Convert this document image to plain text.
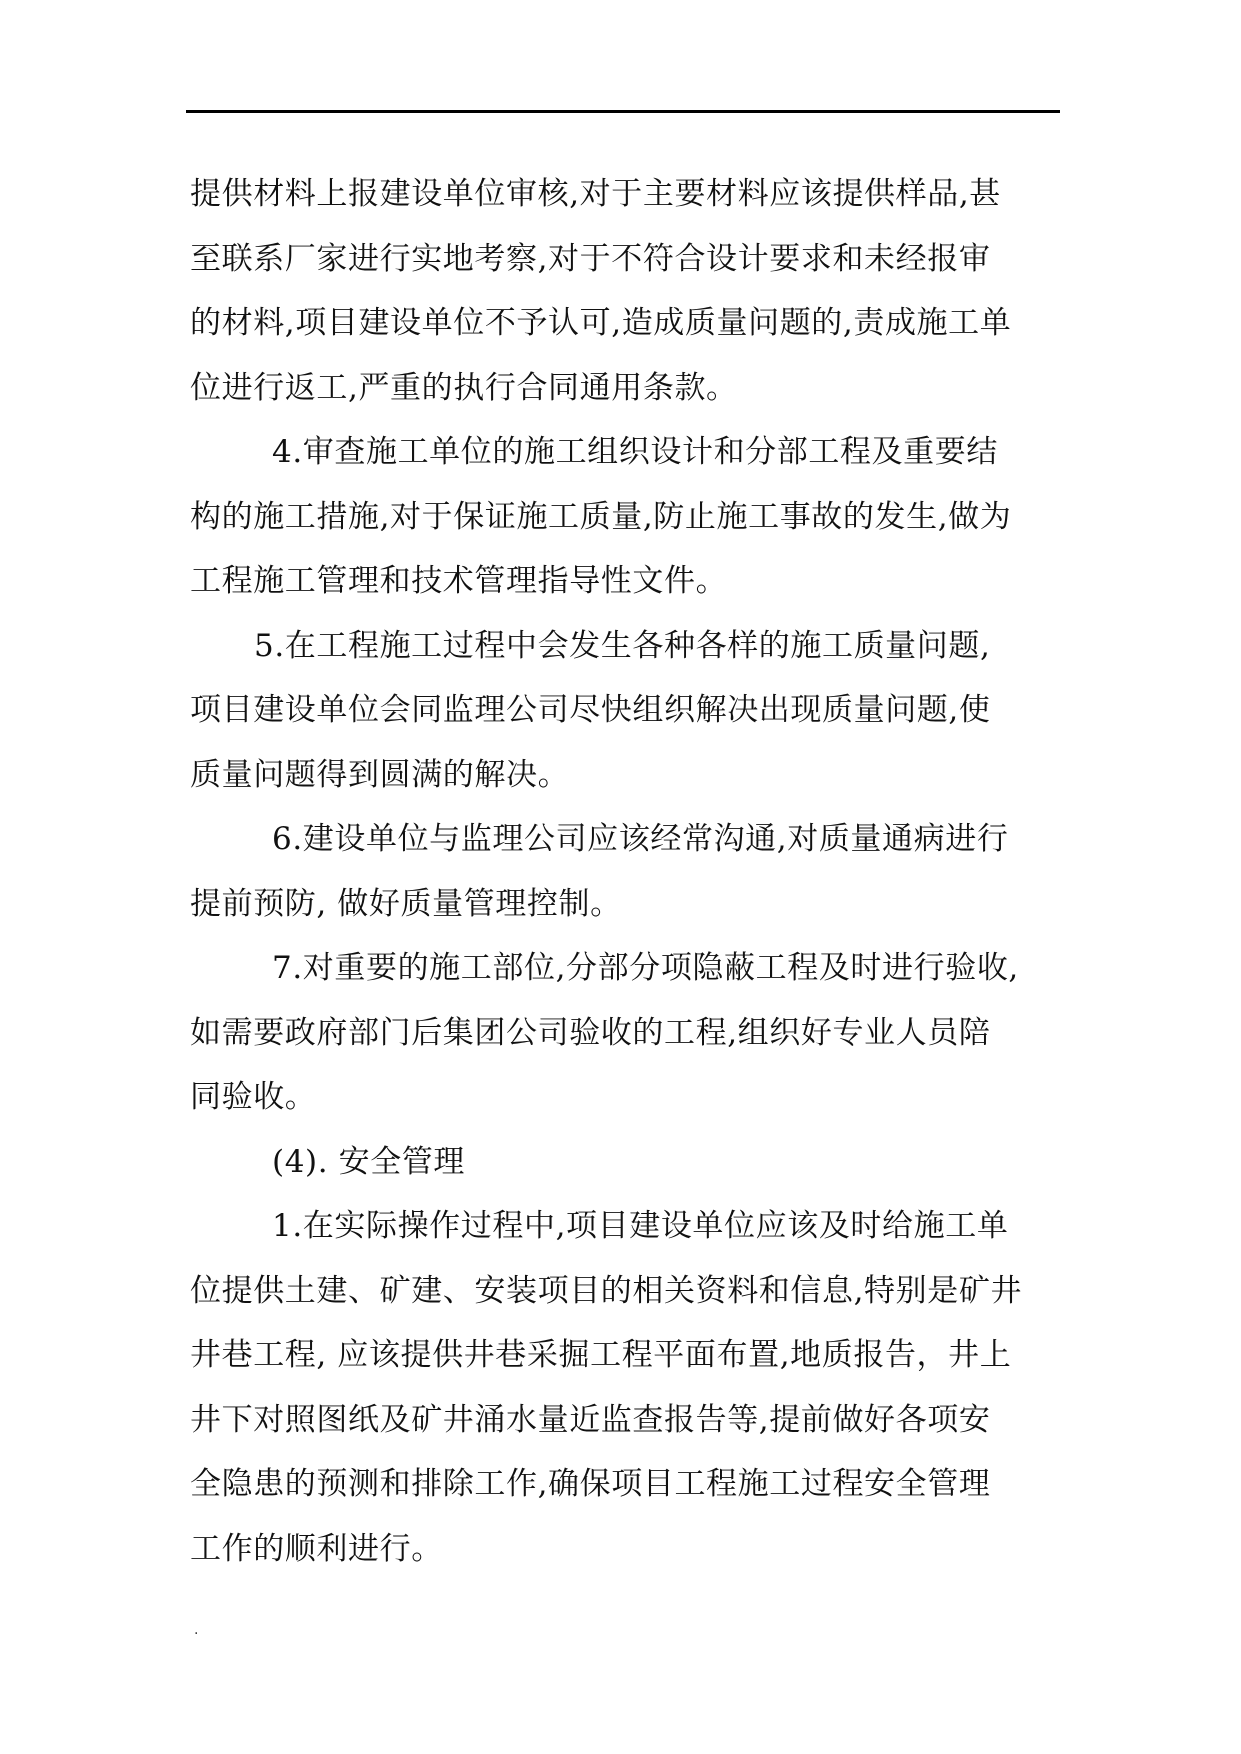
提供材料上报建设单位审核,对于主要材料应该提供样品,甚
至联系厂家进行实地考察,对于不符合设计要求和未经报审
的材料,项目建设单位不予认可,造成质量问题的,责成施工单
位进行返工,严重的执行合同通用条款。
4.审查施工单位的施工组织设计和分部工程及重要结
构的施工措施,对于保证施工质量,防止施工事故的发生,做为
工程施工管理和技术管理指导性文件。
5.在工程施工过程中会发生各种各样的施工质量问题,
项目建设单位会同监理公司尽快组织解决出现质量问题,使
质量问题得到圆满的解决。
6.建设单位与监理公司应该经常沟通,对质量通病进行
提前预防, 做好质量管理控制。
7.对重要的施工部位,分部分项隐蔽工程及时进行验收,
如需要政府部门后集团公司验收的工程,组织好专业人员陪
同验收。
(4). 安全管理
1.在实际操作过程中,项目建设单位应该及时给施工单
位提供土建、矿建、安装项目的相关资料和信息,特别是矿井
井巷工程, 应该提供井巷采掘工程平面布置,地质报告，井上
井下对照图纸及矿井涌水量近监查报告等,提前做好各项安
全隐患的预测和排除工作,确保项目工程施工过程安全管理
工作的顺利进行。
.
